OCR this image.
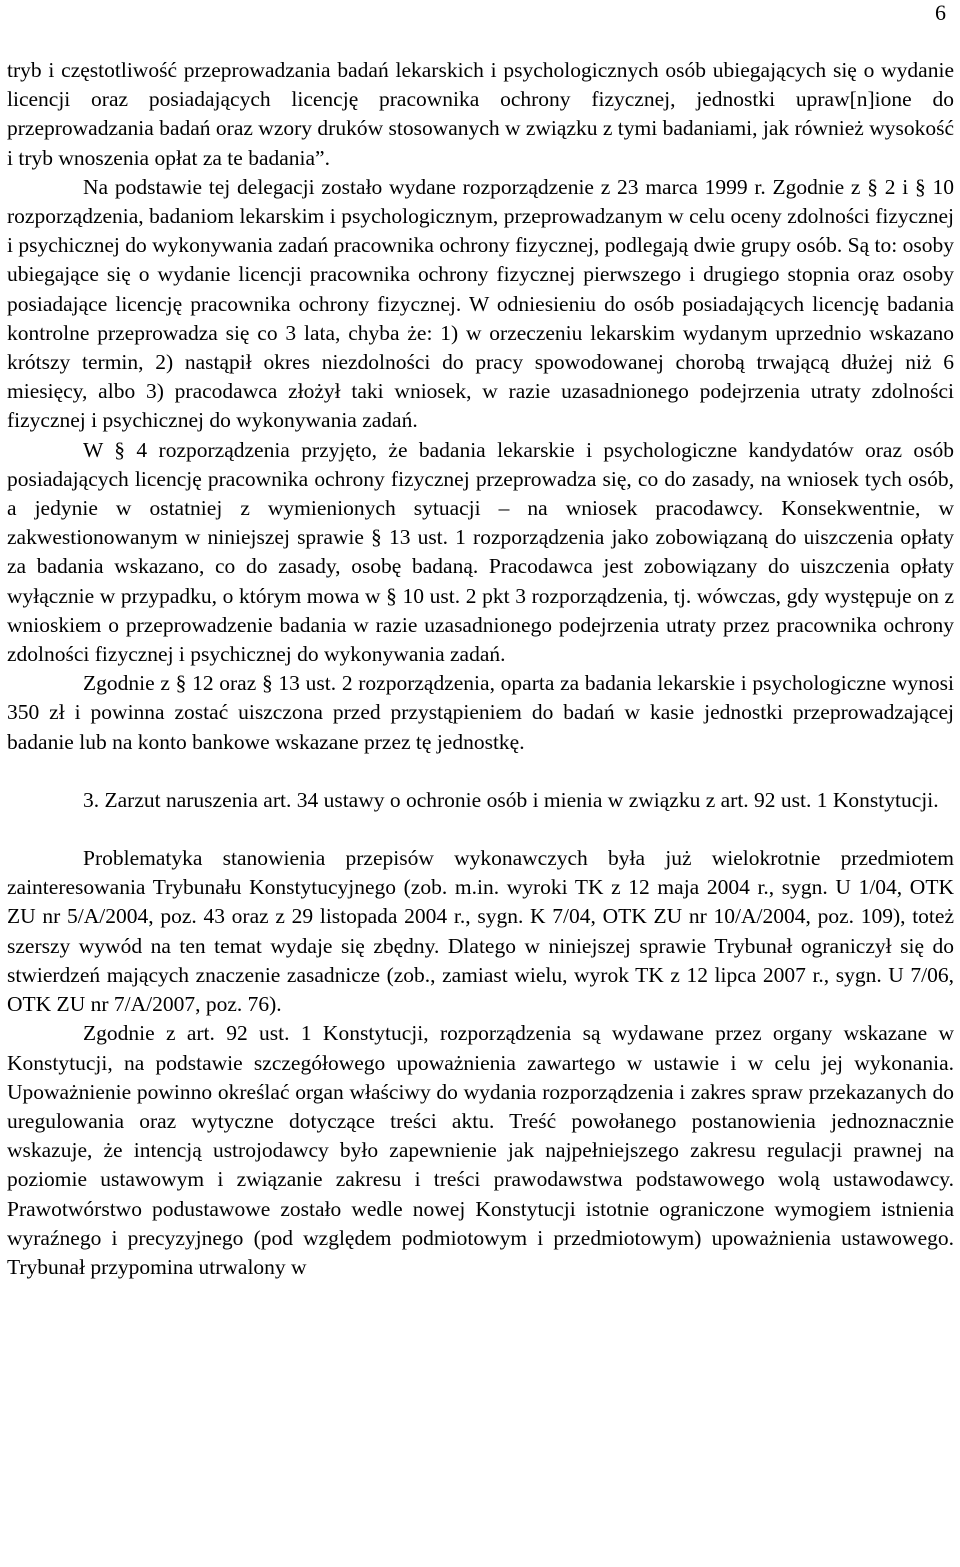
6

tryb i częstotliwość przeprowadzania badań lekarskich i psychologicznych osób ubiegających się o wydanie licencji oraz posiadających licencję pracownika ochrony fizycznej, jednostki upraw[n]ione do przeprowadzania badań oraz wzory druków stosowanych w związku z tymi badaniami, jak również wysokość i tryb wnoszenia opłat za te badania”.

Na podstawie tej delegacji zostało wydane rozporządzenie z 23 marca 1999 r. Zgodnie z § 2 i § 10 rozporządzenia, badaniom lekarskim i psychologicznym, przeprowadzanym w celu oceny zdolności fizycznej i psychicznej do wykonywania zadań pracownika ochrony fizycznej, podlegają dwie grupy osób. Są to: osoby ubiegające się o wydanie licencji pracownika ochrony fizycznej pierwszego i drugiego stopnia oraz osoby posiadające licencję pracownika ochrony fizycznej. W odniesieniu do osób posiadających licencję badania kontrolne przeprowadza się co 3 lata, chyba że: 1) w orzeczeniu lekarskim wydanym uprzednio wskazano krótszy termin, 2) nastąpił okres niezdolności do pracy spowodowanej chorobą trwającą dłużej niż 6 miesięcy, albo 3) pracodawca złożył taki wniosek, w razie uzasadnionego podejrzenia utraty zdolności fizycznej i psychicznej do wykonywania zadań.

W § 4 rozporządzenia przyjęto, że badania lekarskie i psychologiczne kandydatów oraz osób posiadających licencję pracownika ochrony fizycznej przeprowadza się, co do zasady, na wniosek tych osób, a jedynie w ostatniej z wymienionych sytuacji – na wniosek pracodawcy. Konsekwentnie, w zakwestionowanym w niniejszej sprawie § 13 ust. 1 rozporządzenia jako zobowiązaną do uiszczenia opłaty za badania wskazano, co do zasady, osobę badaną. Pracodawca jest zobowiązany do uiszczenia opłaty wyłącznie w przypadku, o którym mowa w § 10 ust. 2 pkt 3 rozporządzenia, tj. wówczas, gdy występuje on z wnioskiem o przeprowadzenie badania w razie uzasadnionego podejrzenia utraty przez pracownika ochrony zdolności fizycznej i psychicznej do wykonywania zadań.

Zgodnie z § 12 oraz § 13 ust. 2 rozporządzenia, oparta za badania lekarskie i psychologiczne wynosi 350 zł i powinna zostać uiszczona przed przystąpieniem do badań w kasie jednostki przeprowadzającej badanie lub na konto bankowe wskazane przez tę jednostkę.

3. Zarzut naruszenia art. 34 ustawy o ochronie osób i mienia w związku z art. 92 ust. 1 Konstytucji.

Problematyka stanowienia przepisów wykonawczych była już wielokrotnie przedmiotem zainteresowania Trybunału Konstytucyjnego (zob. m.in. wyroki TK z 12 maja 2004 r., sygn. U 1/04, OTK ZU nr 5/A/2004, poz. 43 oraz z 29 listopada 2004 r., sygn. K 7/04, OTK ZU nr 10/A/2004, poz. 109), toteż szerszy wywód na ten temat wydaje się zbędny. Dlatego w niniejszej sprawie Trybunał ograniczył się do stwierdzeń mających znaczenie zasadnicze (zob., zamiast wielu, wyrok TK z 12 lipca 2007 r., sygn. U 7/06, OTK ZU nr 7/A/2007, poz. 76).

Zgodnie z art. 92 ust. 1 Konstytucji, rozporządzenia są wydawane przez organy wskazane w Konstytucji, na podstawie szczegółowego upoważnienia zawartego w ustawie i w celu jej wykonania. Upoważnienie powinno określać organ właściwy do wydania rozporządzenia i zakres spraw przekazanych do uregulowania oraz wytyczne dotyczące treści aktu. Treść powołanego postanowienia jednoznacznie wskazuje, że intencją ustrojodawcy było zapewnienie jak najpełniejszego zakresu regulacji prawnej na poziomie ustawowym i związanie zakresu i treści prawodawstwa podstawowego wolą ustawodawcy. Prawotwórstwo podustawowe zostało wedle nowej Konstytucji istotnie ograniczone wymogiem istnienia wyraźnego i precyzyjnego (pod względem podmiotowym i przedmiotowym) upoważnienia ustawowego. Trybunał przypomina utrwalony w
